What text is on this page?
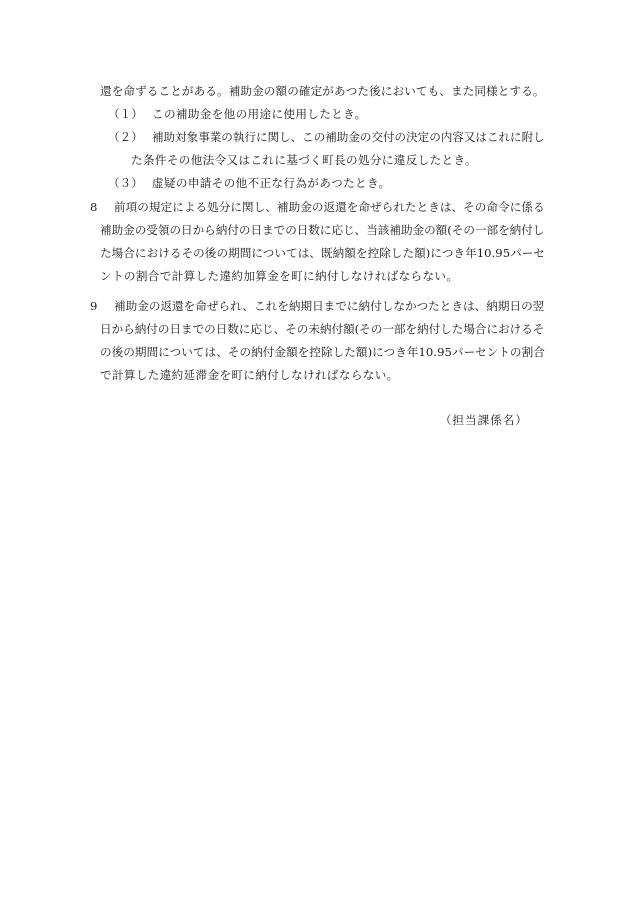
還を命ずることがある。補助金の額の確定があつた後においても、また同様とする。
（１） この補助金を他の用途に使用したとき。
（２） 補助対象事業の執行に関し、この補助金の交付の決定の内容又はこれに附し
た条件その他法令又はこれに基づく町長の処分に違反したとき。
（３） 虚疑の申請その他不正な行為があつたとき。
8 前項の規定による処分に関し、補助金の返還を命ぜられたときは、その命令に係る
補助金の受領の日から納付の日までの日数に応じ、当該補助金の額(その一部を納付し
た場合におけるその後の期間については、既納額を控除した額)につき年10.95パーセ
ントの割合で計算した違約加算金を町に納付しなければならない。
9 補助金の返還を命ぜられ、これを納期日までに納付しなかつたときは、納期日の翌
日から納付の日までの日数に応じ、その未納付額(その一部を納付した場合におけるそ
の後の期間については、その納付金額を控除した額)につき年10.95パーセントの割合
で計算した違約延滞金を町に納付しなければならない。
（担当課係名）
